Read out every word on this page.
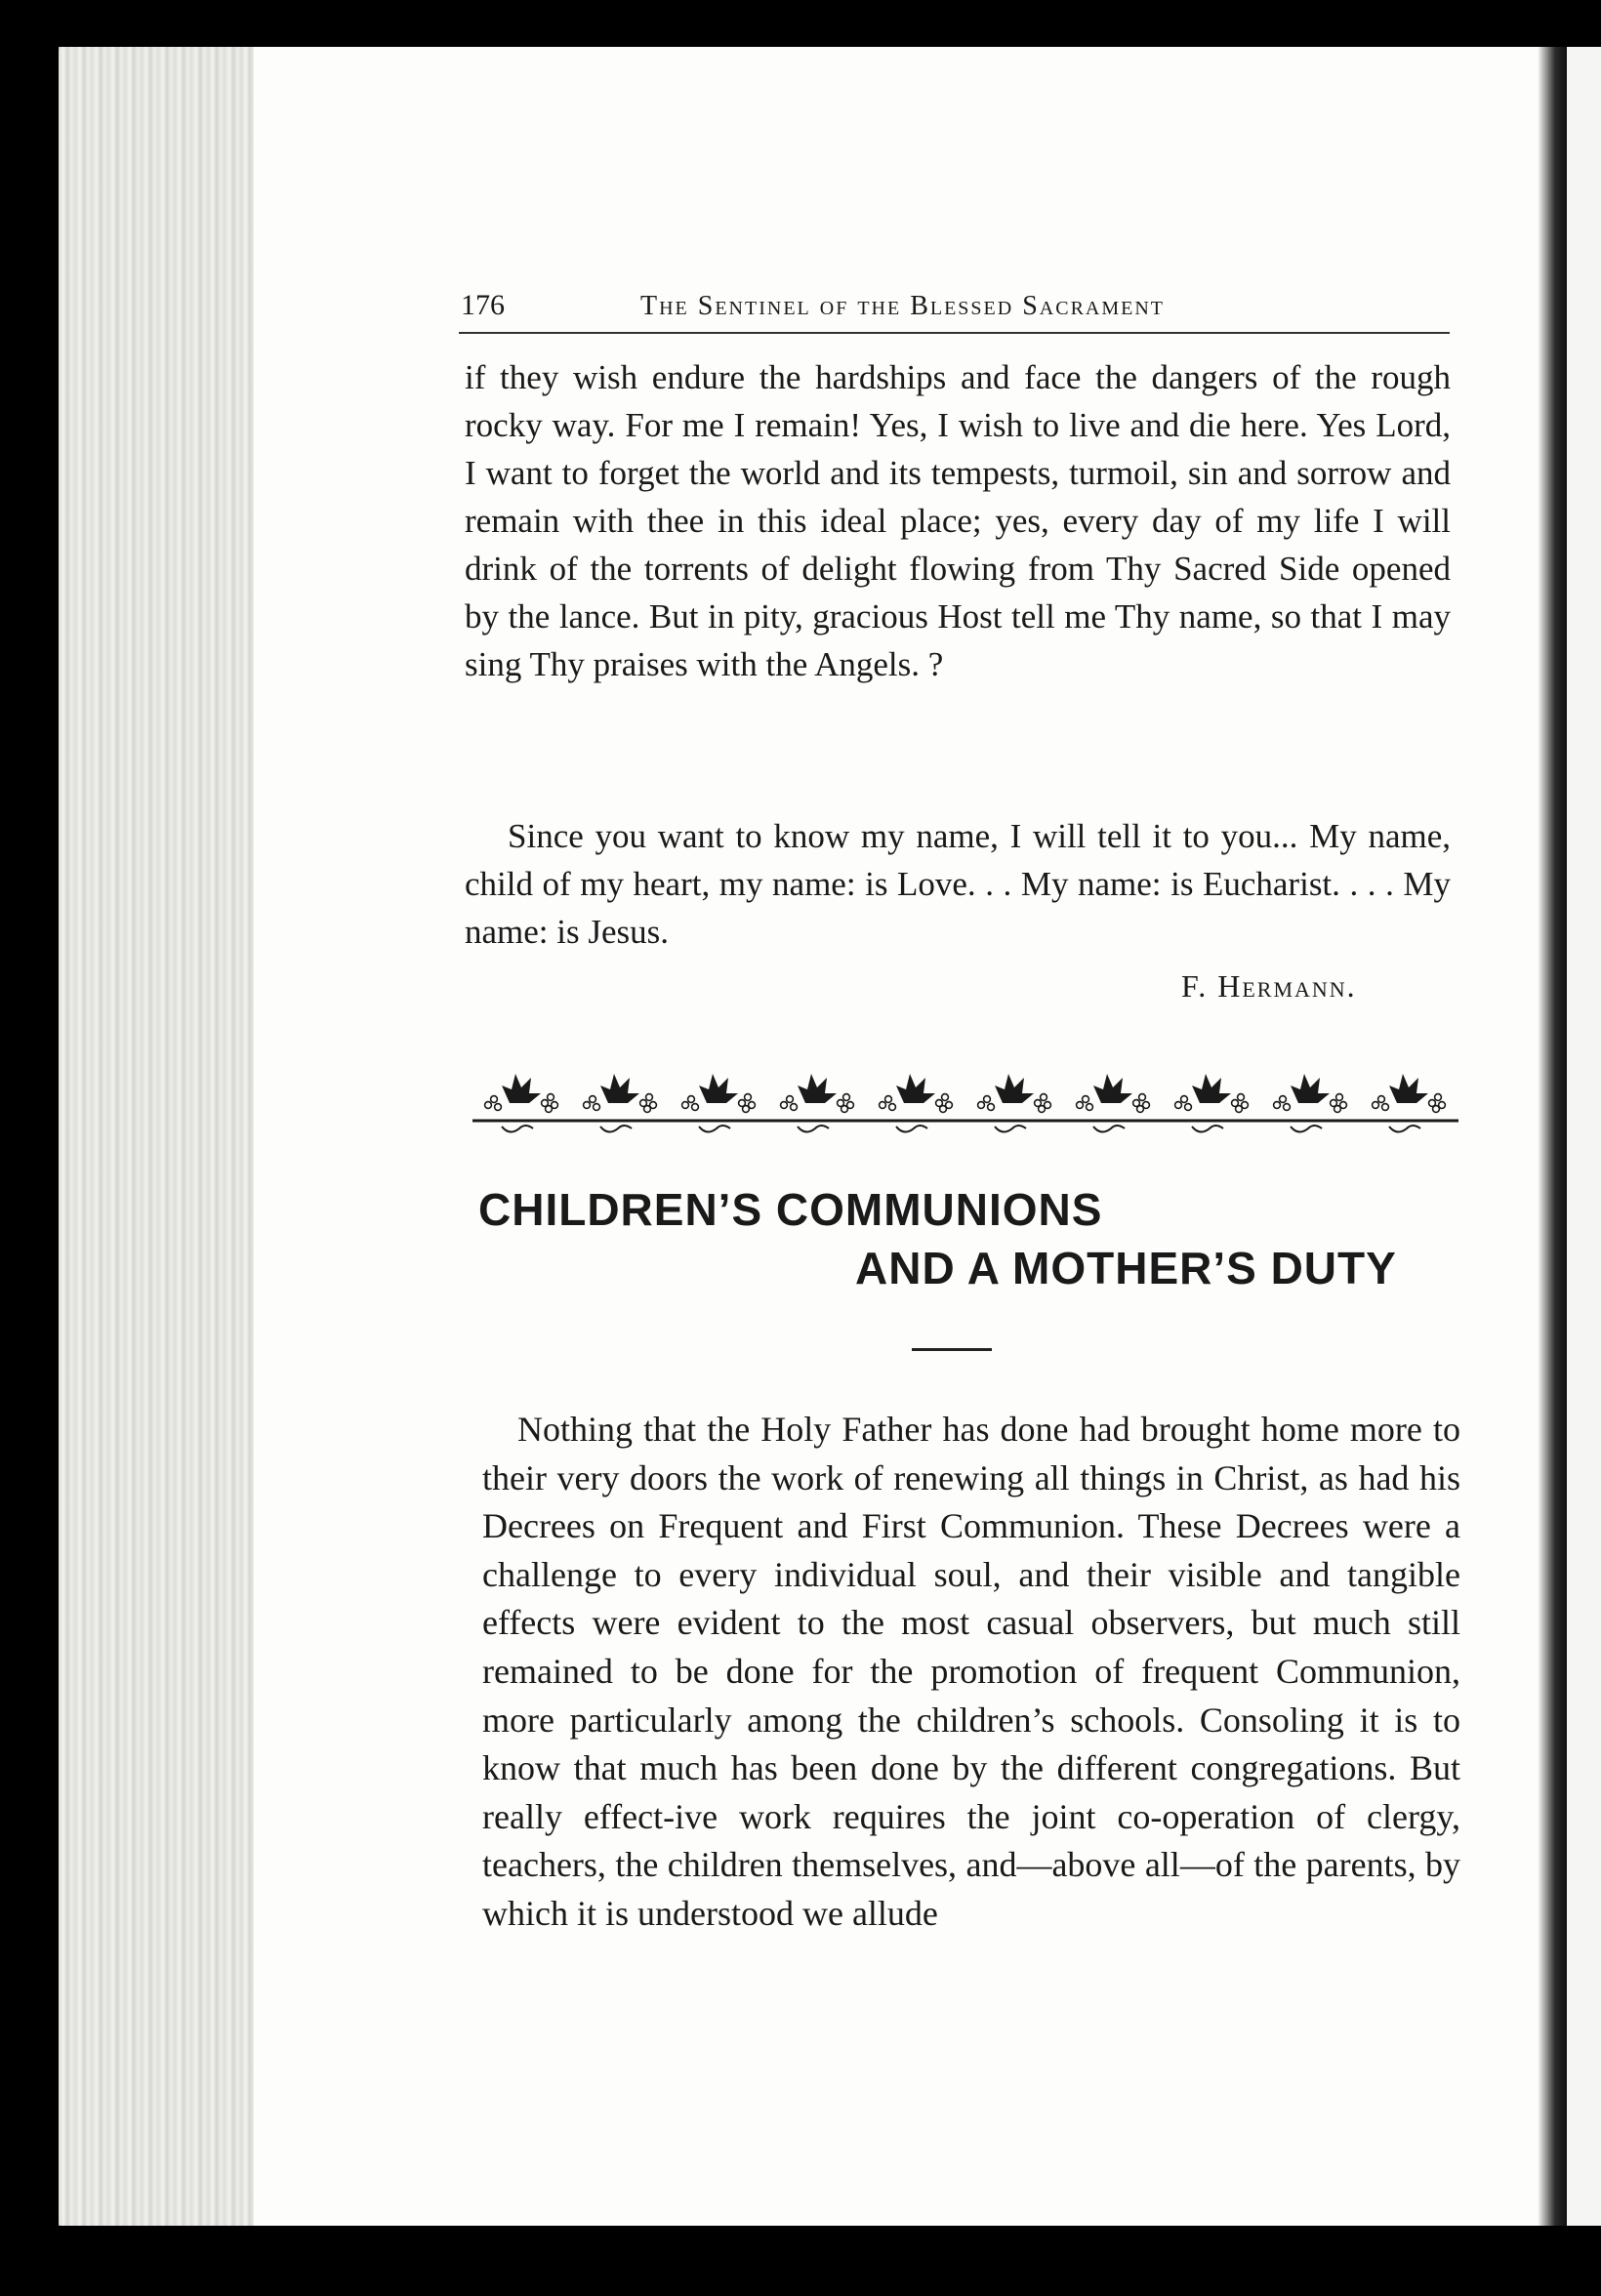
176	The Sentinel of the Blessed Sacrament
if they wish endure the hardships and face the dangers of the rough rocky way. For me I remain! Yes, I wish to live and die here. Yes Lord, I want to forget the world and its tempests, turmoil, sin and sorrow and remain with thee in this ideal place; yes, every day of my life I will drink of the torrents of delight flowing from Thy Sacred Side opened by the lance. But in pity, gracious Host tell me Thy name, so that I may sing Thy praises with the Angels. ?
Since you want to know my name, I will tell it to you... My name, child of my heart, my name: is Love. . . My name: is Eucharist. . . . My name: is Jesus.
F. Hermann.
CHILDREN’S COMMUNIONS
AND A MOTHER’S DUTY
Nothing that the Holy Father has done had brought home more to their very doors the work of renewing all things in Christ, as had his Decrees on Frequent and First Communion. These Decrees were a challenge to every individual soul, and their visible and tangible effects were evident to the most casual observers, but much still remained to be done for the promotion of frequent Communion, more particularly among the children’s schools. Consoling it is to know that much has been done by the different congregations. But really effect-ive work requires the joint co-operation of clergy, teachers, the children themselves, and—above all—of the parents, by which it is understood we allude
